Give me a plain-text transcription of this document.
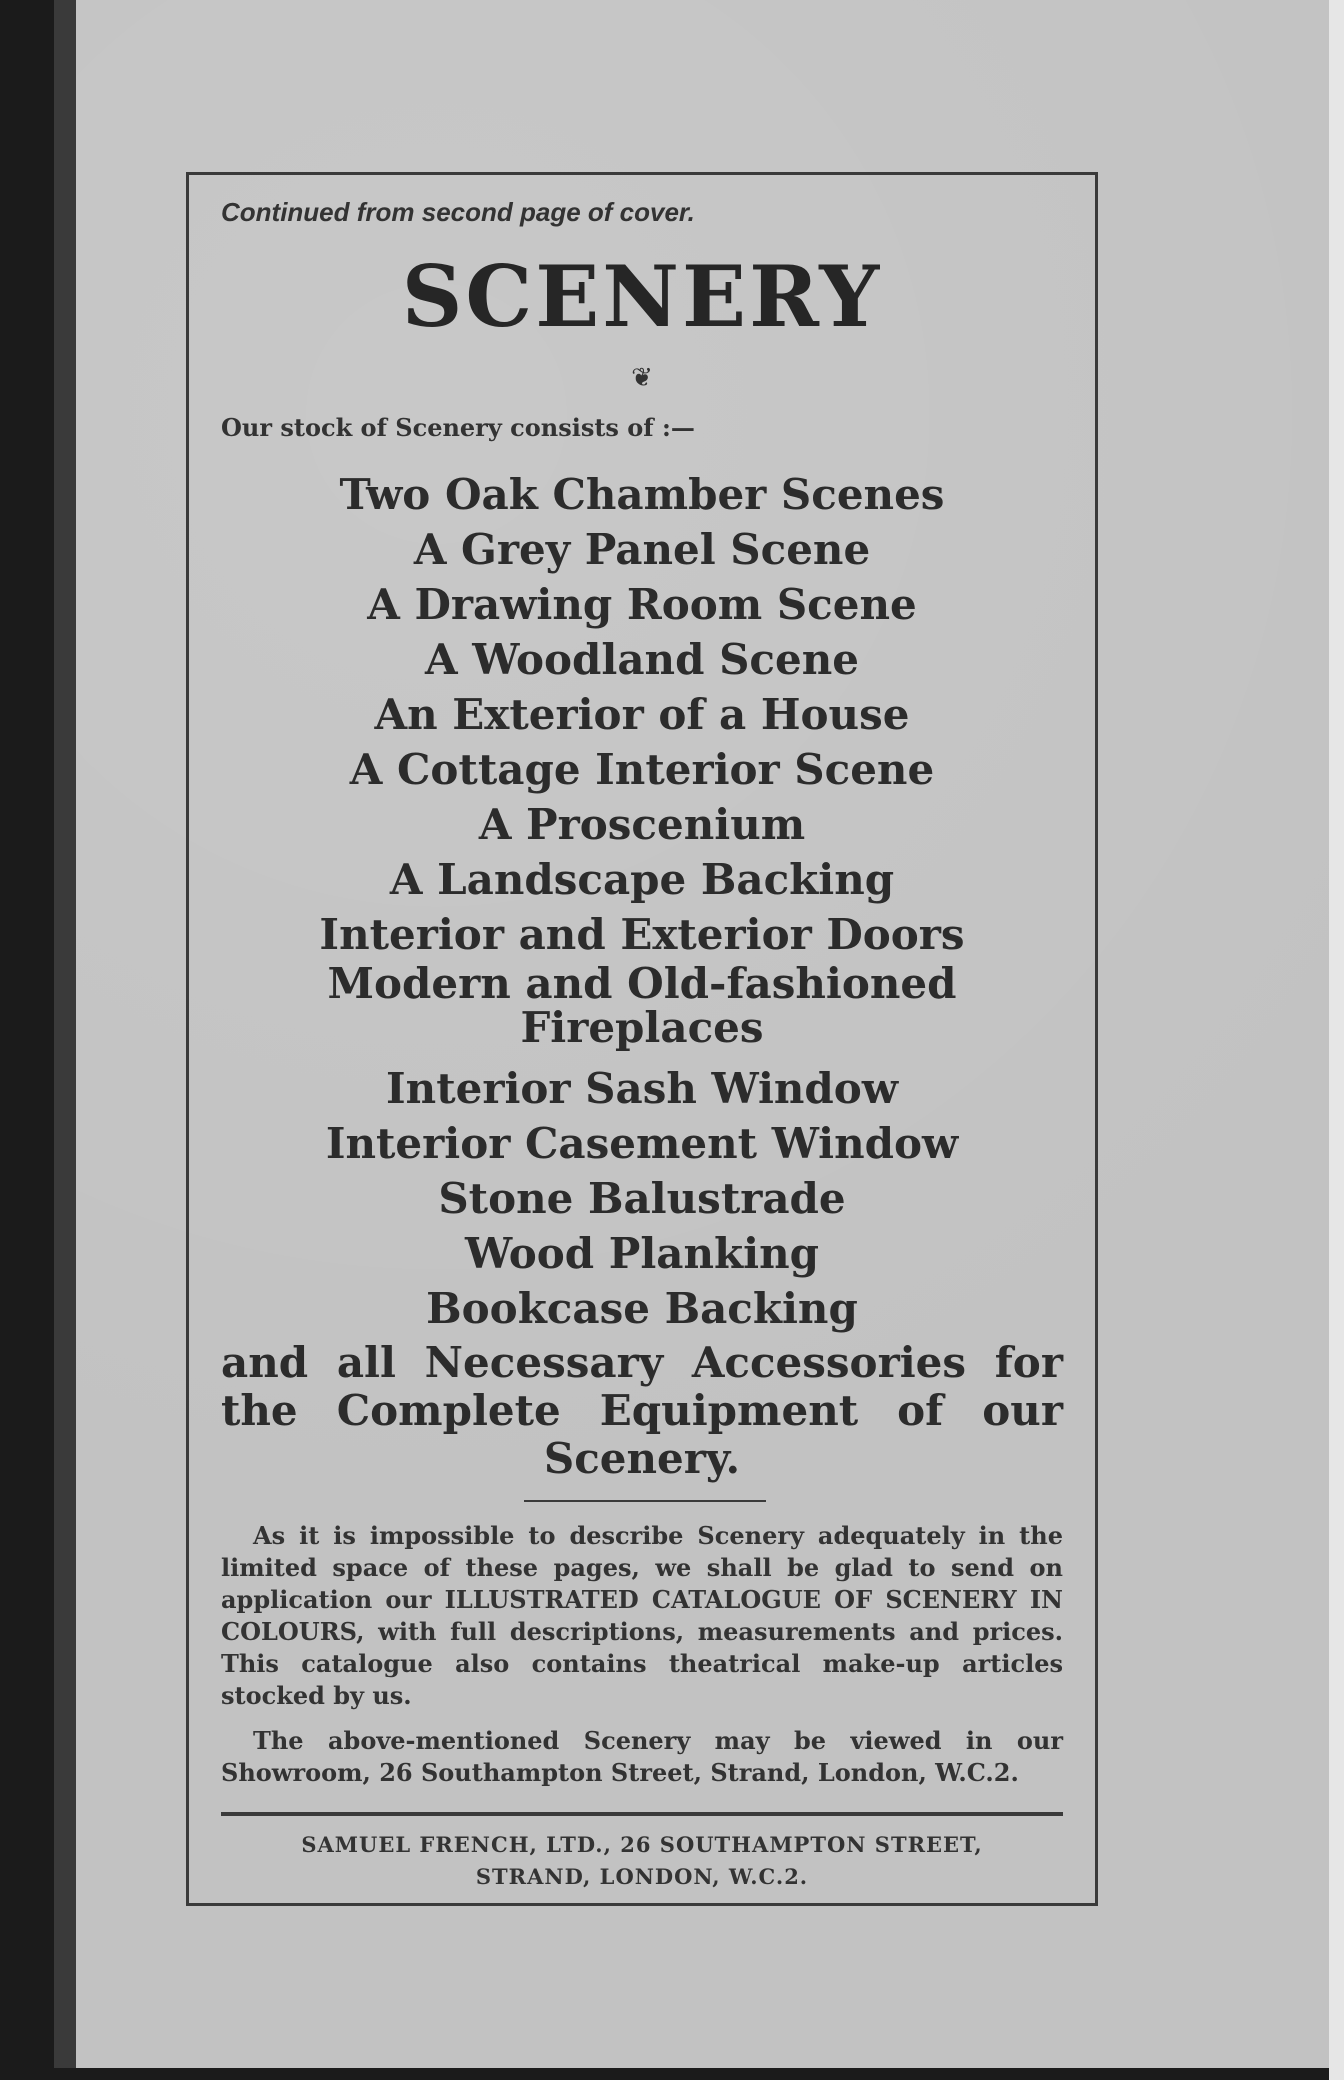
Continued from second page of cover.
SCENERY
❦
Our stock of Scenery consists of :—
Two Oak Chamber Scenes
A Grey Panel Scene
A Drawing Room Scene
A Woodland Scene
An Exterior of a House
A Cottage Interior Scene
A Proscenium
A Landscape Backing
Interior and Exterior Doors
Modern and Old-fashioned
Fireplaces
Interior Sash Window
Interior Casement Window
Stone Balustrade
Wood Planking
Bookcase Backing
and all Necessary Accessories for
the Complete Equipment of our
Scenery.
As it is impossible to describe Scenery adequately in the limited space of these pages, we shall be glad to send on application our ILLUSTRATED CATALOGUE OF SCENERY IN COLOURS, with full descriptions, measurements and prices. This catalogue also contains theatrical make-up articles stocked by us.
The above-mentioned Scenery may be viewed in our Showroom, 26 Southampton Street, Strand, London, W.C.2.
SAMUEL FRENCH, LTD., 26 SOUTHAMPTON STREET,
STRAND, LONDON, W.C.2.
